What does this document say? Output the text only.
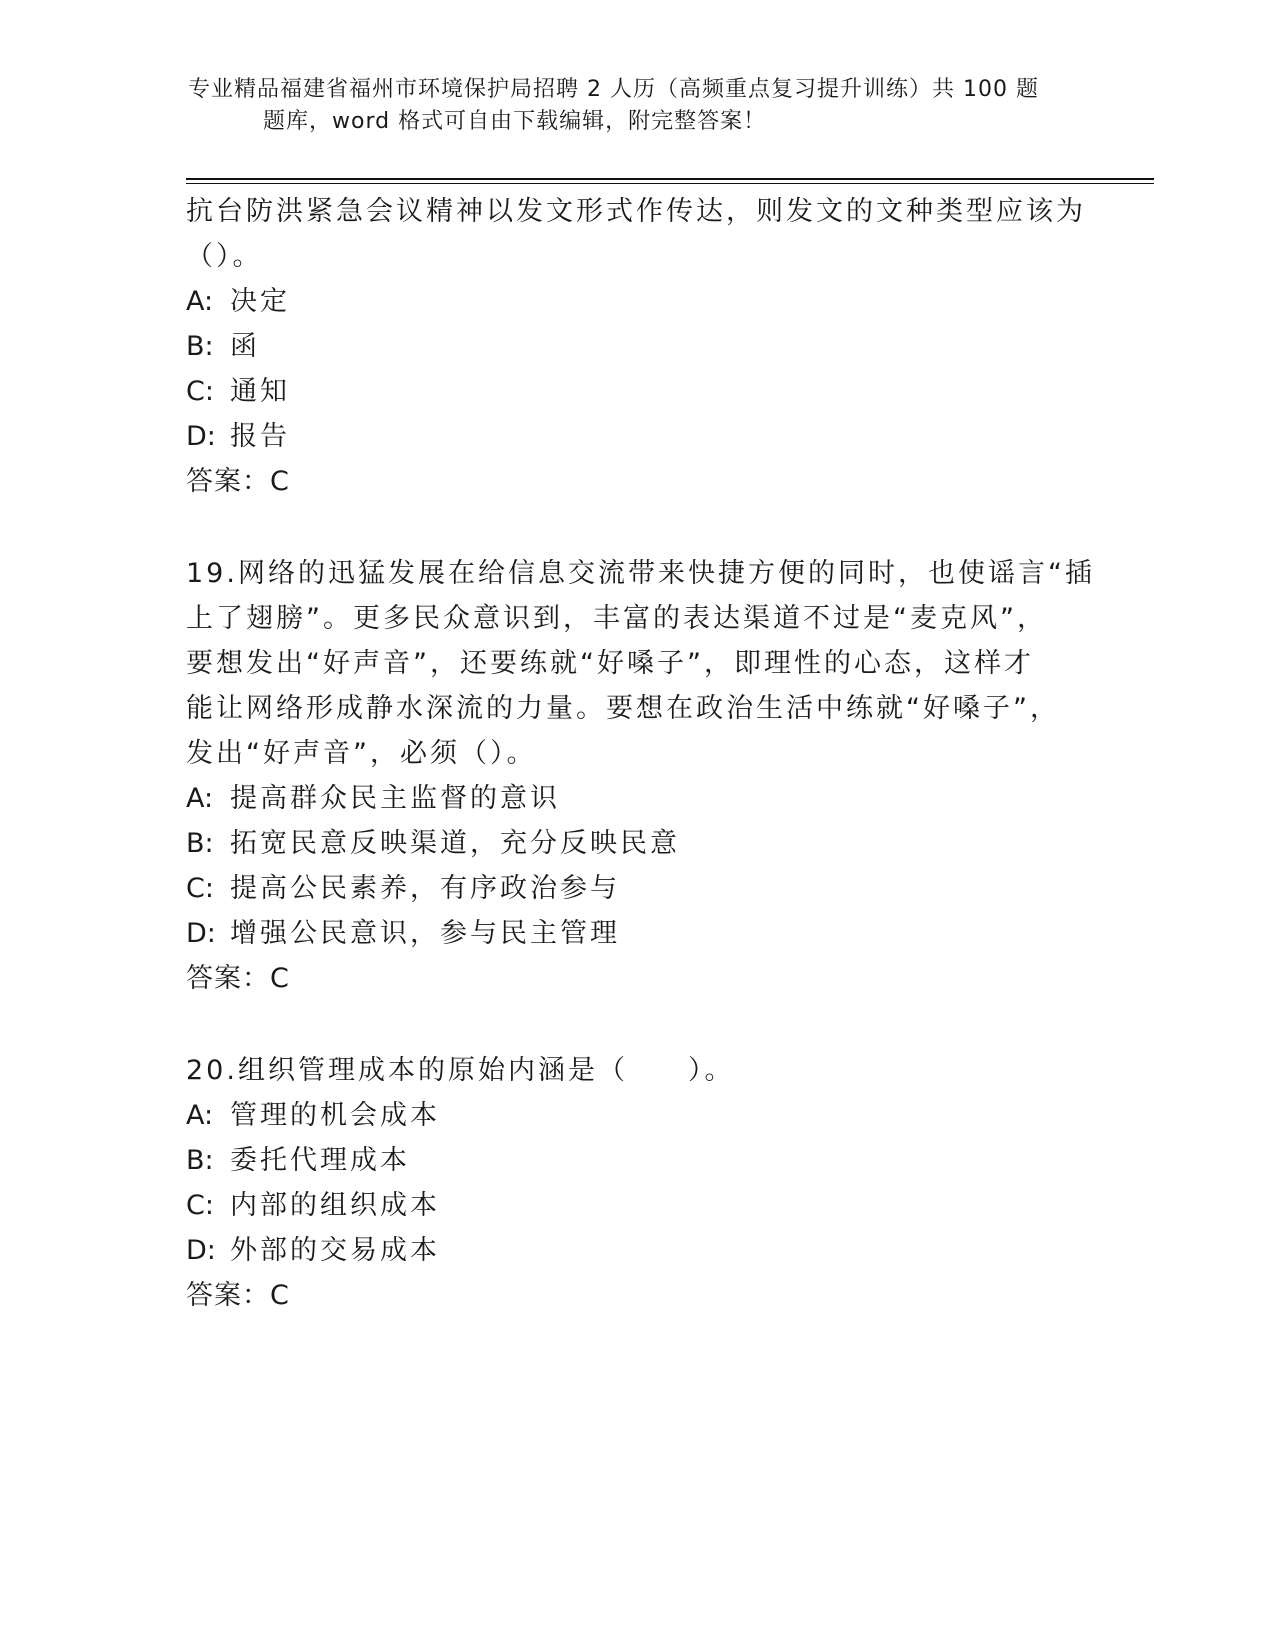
专业精品福建省福州市环境保护局招聘 2 人历（高频重点复习提升训练）共 100 题
题库，word 格式可自由下载编辑，附完整答案！
抗台防洪紧急会议精神以发文形式作传达，则发文的文种类型应该为
（）。
A: 决定
B: 函
C: 通知
D: 报告
答案：C
19.网络的迅猛发展在给信息交流带来快捷方便的同时，也使谣言“插
上了翅膀”。更多民众意识到，丰富的表达渠道不过是“麦克风”，
要想发出“好声音”，还要练就“好嗓子”，即理性的心态，这样才
能让网络形成静水深流的力量。要想在政治生活中练就“好嗓子”，
发出“好声音”，必须（）。
A: 提高群众民主监督的意识
B: 拓宽民意反映渠道，充分反映民意
C: 提高公民素养，有序政治参与
D: 增强公民意识，参与民主管理
答案：C
20.组织管理成本的原始内涵是（　　）。
A: 管理的机会成本
B: 委托代理成本
C: 内部的组织成本
D: 外部的交易成本
答案：C
